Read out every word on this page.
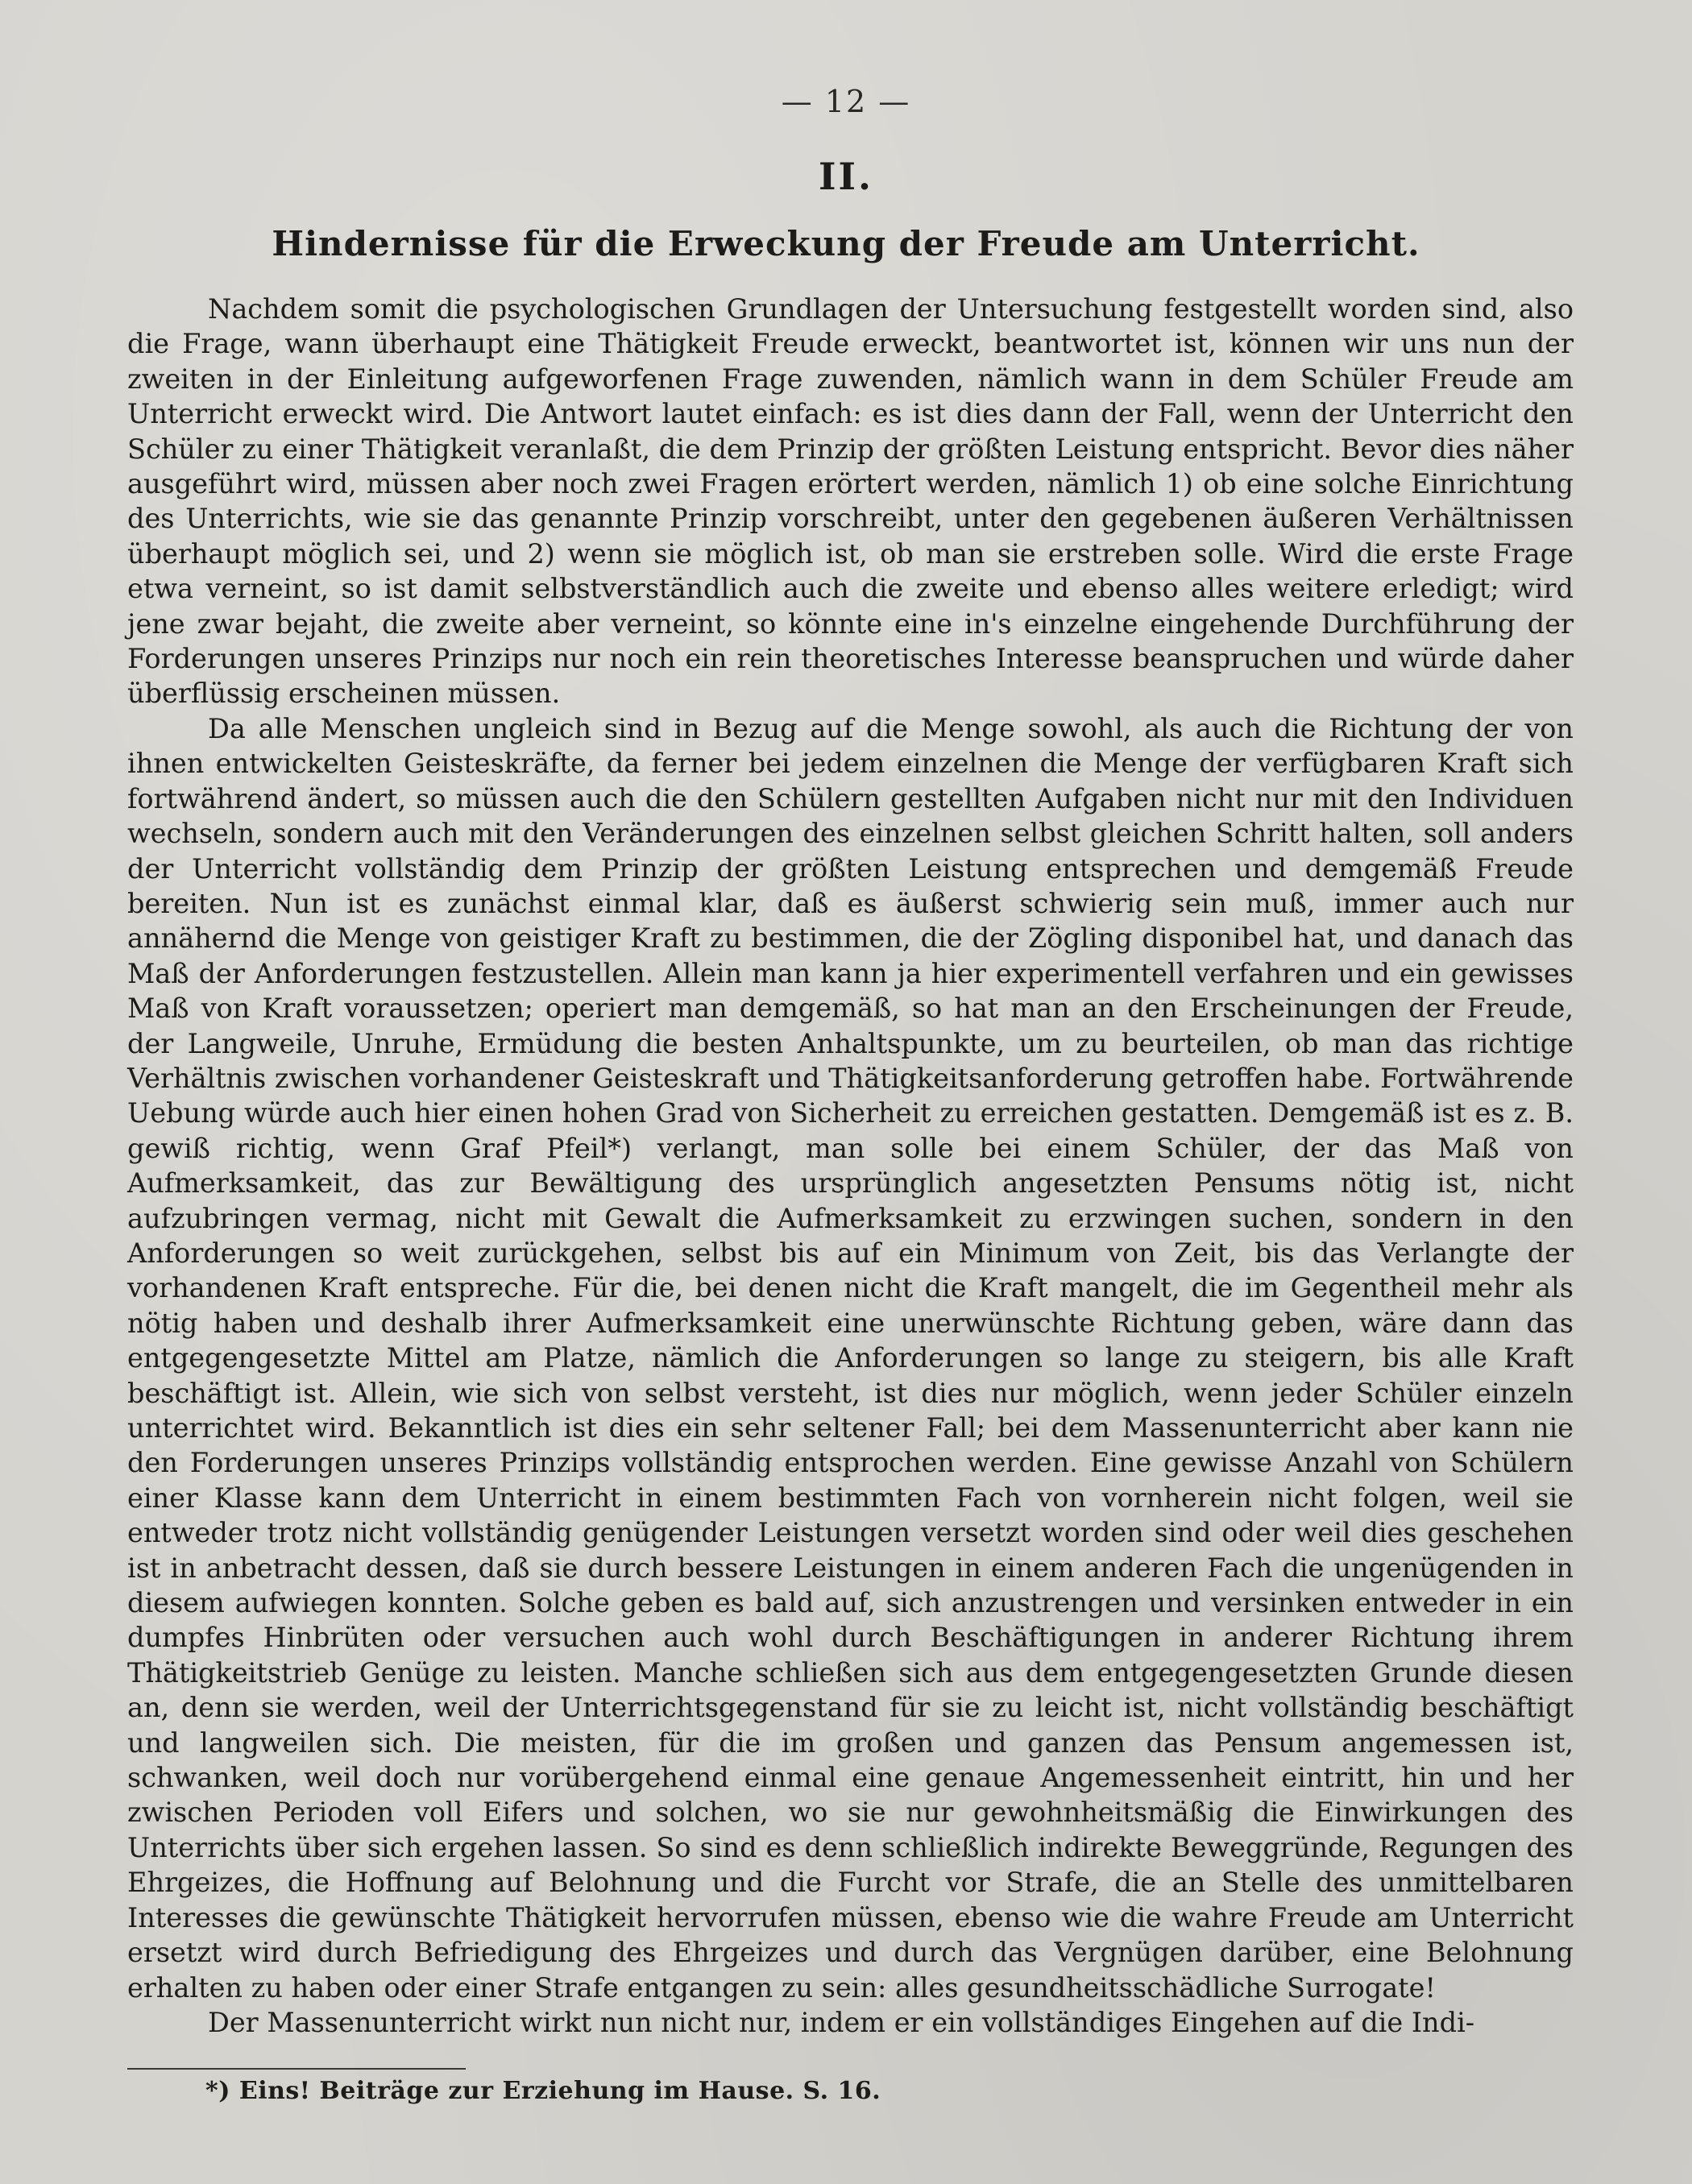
— 12 —
II.
Hindernisse für die Erweckung der Freude am Unterricht.

Nachdem somit die psychologischen Grundlagen der Untersuchung festgestellt worden sind, also die Frage, wann überhaupt eine Thätigkeit Freude erweckt, beantwortet ist, können wir uns nun der zweiten in der Einleitung aufgeworfenen Frage zuwenden, nämlich wann in dem Schüler Freude am Unterricht erweckt wird. Die Antwort lautet einfach: es ist dies dann der Fall, wenn der Unterricht den Schüler zu einer Thätigkeit veranlaßt, die dem Prinzip der größten Leistung entspricht. Bevor dies näher ausgeführt wird, müssen aber noch zwei Fragen erörtert werden, nämlich 1) ob eine solche Einrichtung des Unterrichts, wie sie das genannte Prinzip vorschreibt, unter den gegebenen äußeren Verhältnissen überhaupt möglich sei, und 2) wenn sie möglich ist, ob man sie erstreben solle. Wird die erste Frage etwa verneint, so ist damit selbstverständlich auch die zweite und ebenso alles weitere erledigt; wird jene zwar bejaht, die zweite aber verneint, so könnte eine in's einzelne eingehende Durchführung der Forderungen unseres Prinzips nur noch ein rein theoretisches Interesse beanspruchen und würde daher überflüssig erscheinen müssen.

Da alle Menschen ungleich sind in Bezug auf die Menge sowohl, als auch die Richtung der von ihnen entwickelten Geisteskräfte, da ferner bei jedem einzelnen die Menge der verfügbaren Kraft sich fortwährend ändert, so müssen auch die den Schülern gestellten Aufgaben nicht nur mit den Individuen wechseln, sondern auch mit den Veränderungen des einzelnen selbst gleichen Schritt halten, soll anders der Unterricht vollständig dem Prinzip der größten Leistung entsprechen und demgemäß Freude bereiten. Nun ist es zunächst einmal klar, daß es äußerst schwierig sein muß, immer auch nur annähernd die Menge von geistiger Kraft zu bestimmen, die der Zögling disponibel hat, und danach das Maß der Anforderungen festzustellen. Allein man kann ja hier experimentell verfahren und ein gewisses Maß von Kraft voraussetzen; operiert man demgemäß, so hat man an den Erscheinungen der Freude, der Langweile, Unruhe, Ermüdung die besten Anhaltspunkte, um zu beurteilen, ob man das richtige Verhältnis zwischen vorhandener Geisteskraft und Thätigkeitsanforderung getroffen habe. Fortwährende Uebung würde auch hier einen hohen Grad von Sicherheit zu erreichen gestatten. Demgemäß ist es z. B. gewiß richtig, wenn Graf Pfeil*) verlangt, man solle bei einem Schüler, der das Maß von Aufmerksamkeit, das zur Bewältigung des ursprünglich angesetzten Pensums nötig ist, nicht aufzubringen vermag, nicht mit Gewalt die Aufmerksamkeit zu erzwingen suchen, sondern in den Anforderungen so weit zurückgehen, selbst bis auf ein Minimum von Zeit, bis das Verlangte der vorhandenen Kraft entspreche. Für die, bei denen nicht die Kraft mangelt, die im Gegentheil mehr als nötig haben und deshalb ihrer Aufmerksamkeit eine unerwünschte Richtung geben, wäre dann das entgegengesetzte Mittel am Platze, nämlich die Anforderungen so lange zu steigern, bis alle Kraft beschäftigt ist. Allein, wie sich von selbst versteht, ist dies nur möglich, wenn jeder Schüler einzeln unterrichtet wird. Bekanntlich ist dies ein sehr seltener Fall; bei dem Massenunterricht aber kann nie den Forderungen unseres Prinzips vollständig entsprochen werden. Eine gewisse Anzahl von Schülern einer Klasse kann dem Unterricht in einem bestimmten Fach von vornherein nicht folgen, weil sie entweder trotz nicht vollständig genügender Leistungen versetzt worden sind oder weil dies geschehen ist in anbetracht dessen, daß sie durch bessere Leistungen in einem anderen Fach die ungenügenden in diesem aufwiegen konnten. Solche geben es bald auf, sich anzustrengen und versinken entweder in ein dumpfes Hinbrüten oder versuchen auch wohl durch Beschäftigungen in anderer Richtung ihrem Thätigkeitstrieb Genüge zu leisten. Manche schließen sich aus dem entgegengesetzten Grunde diesen an, denn sie werden, weil der Unterrichtsgegenstand für sie zu leicht ist, nicht vollständig beschäftigt und langweilen sich. Die meisten, für die im großen und ganzen das Pensum angemessen ist, schwanken, weil doch nur vorübergehend einmal eine genaue Angemessenheit eintritt, hin und her zwischen Perioden voll Eifers und solchen, wo sie nur gewohnheitsmäßig die Einwirkungen des Unterrichts über sich ergehen lassen. So sind es denn schließlich indirekte Beweggründe, Regungen des Ehrgeizes, die Hoffnung auf Belohnung und die Furcht vor Strafe, die an Stelle des unmittelbaren Interesses die gewünschte Thätigkeit hervorrufen müssen, ebenso wie die wahre Freude am Unterricht ersetzt wird durch Befriedigung des Ehrgeizes und durch das Vergnügen darüber, eine Belohnung erhalten zu haben oder einer Strafe entgangen zu sein: alles gesundheitsschädliche Surrogate!

Der Massenunterricht wirkt nun nicht nur, indem er ein vollständiges Eingehen auf die Indi-

*) Eins! Beiträge zur Erziehung im Hause. S. 16.
